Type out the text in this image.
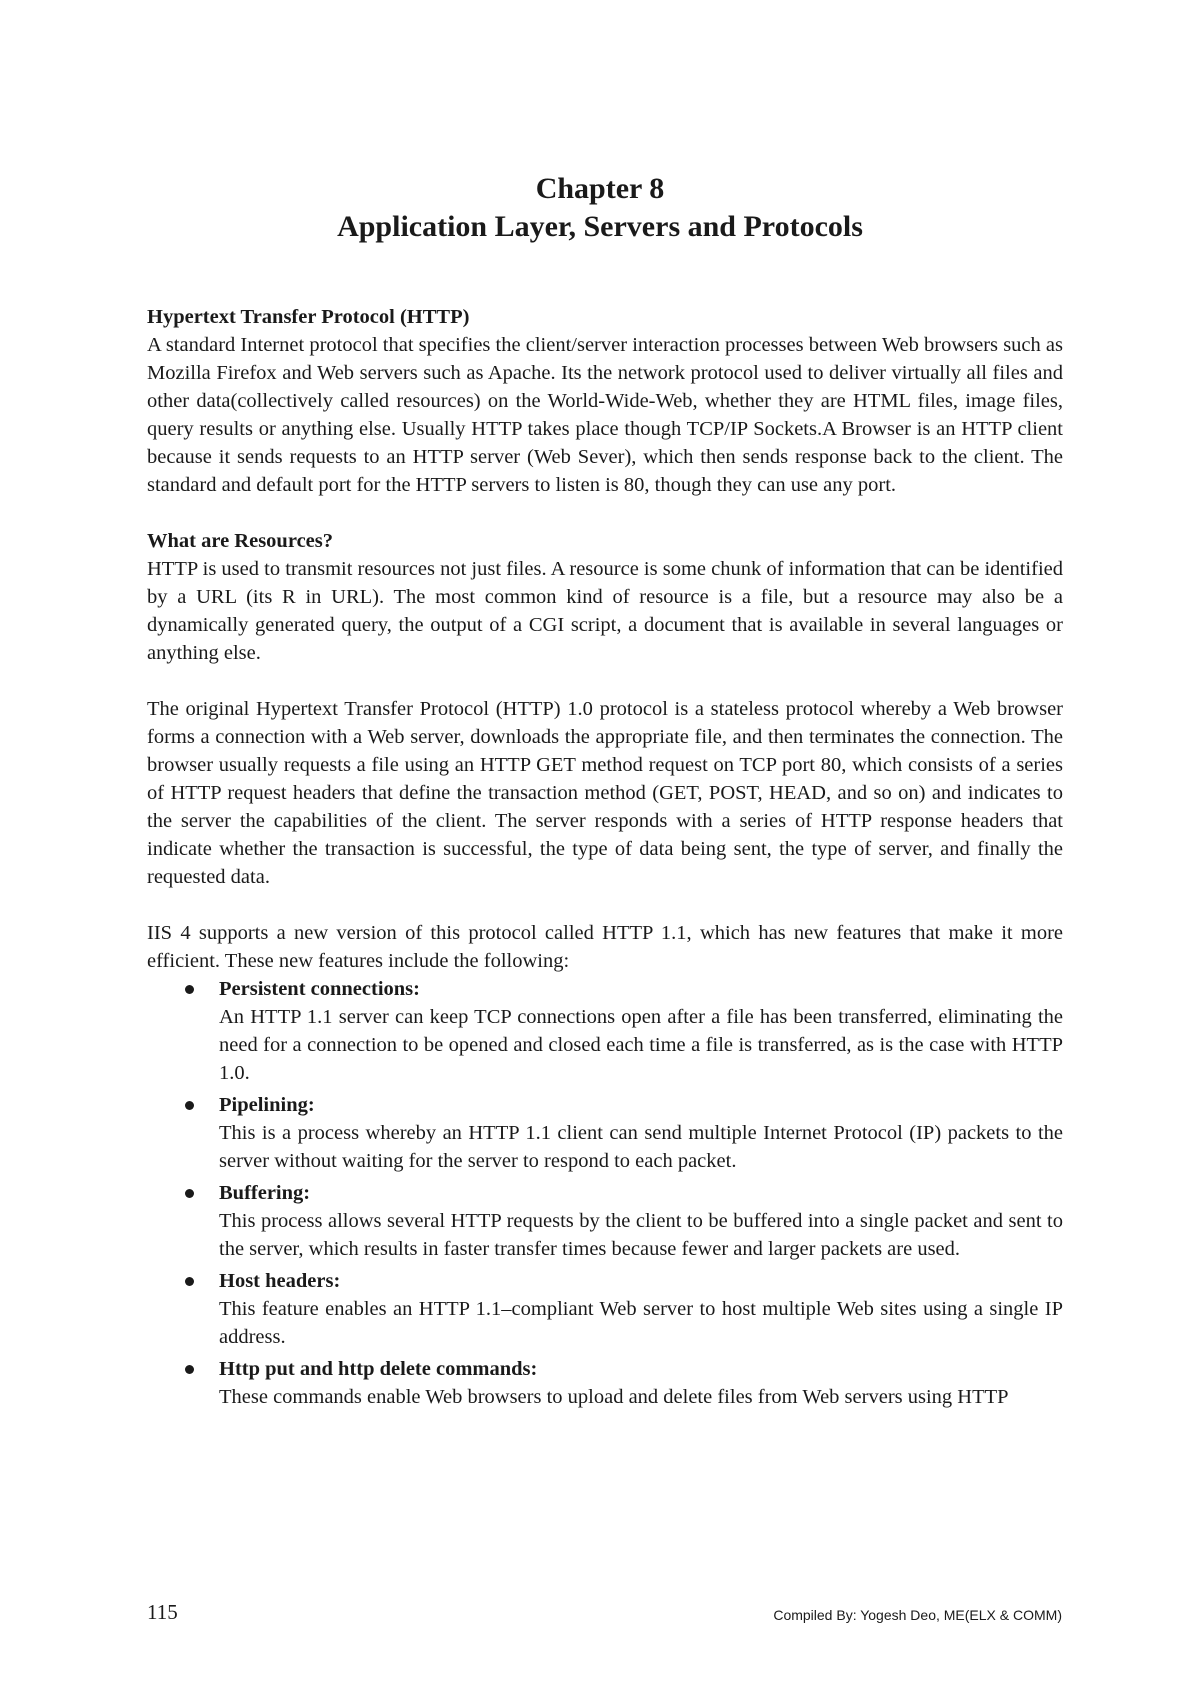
Chapter 8
Application Layer, Servers and Protocols

Hypertext Transfer Protocol (HTTP)

A standard Internet protocol that specifies the client/server interaction processes between Web browsers such as Mozilla Firefox and Web servers such as Apache. Its the network protocol used to deliver virtually all files and other data(collectively called resources) on the World-Wide-Web, whether they are HTML files, image files, query results or anything else. Usually HTTP takes place though TCP/IP Sockets.A Browser is an HTTP client because it sends requests to an HTTP server (Web Sever), which then sends response back to the client. The standard and default port for the HTTP servers to listen is 80, though they can use any port.

What are Resources?

HTTP is used to transmit resources not just files. A resource is some chunk of information that can be identified by a URL (its R in URL). The most common kind of resource is a file, but a resource may also be a dynamically generated query, the output of a CGI script, a document that is available in several languages or anything else.

The original Hypertext Transfer Protocol (HTTP) 1.0 protocol is a stateless protocol whereby a Web browser forms a connection with a Web server, downloads the appropriate file, and then terminates the connection. The browser usually requests a file using an HTTP GET method request on TCP port 80, which consists of a series of HTTP request headers that define the transaction method (GET, POST, HEAD, and so on) and indicates to the server the capabilities of the client. The server responds with a series of HTTP response headers that indicate whether the transaction is successful, the type of data being sent, the type of server, and finally the requested data.

IIS 4 supports a new version of this protocol called HTTP 1.1, which has new features that make it more efficient. These new features include the following:

Persistent connections:
An HTTP 1.1 server can keep TCP connections open after a file has been transferred, eliminating the need for a connection to be opened and closed each time a file is transferred, as is the case with HTTP 1.0.
Pipelining:
This is a process whereby an HTTP 1.1 client can send multiple Internet Protocol (IP) packets to the server without waiting for the server to respond to each packet.
Buffering:
This process allows several HTTP requests by the client to be buffered into a single packet and sent to the server, which results in faster transfer times because fewer and larger packets are used.
Host headers:
This feature enables an HTTP 1.1–compliant Web server to host multiple Web sites using a single IP address.
Http put and http delete commands:
These commands enable Web browsers to upload and delete files from Web servers using HTTP
115	Compiled By: Yogesh Deo, ME(ELX & COMM)
